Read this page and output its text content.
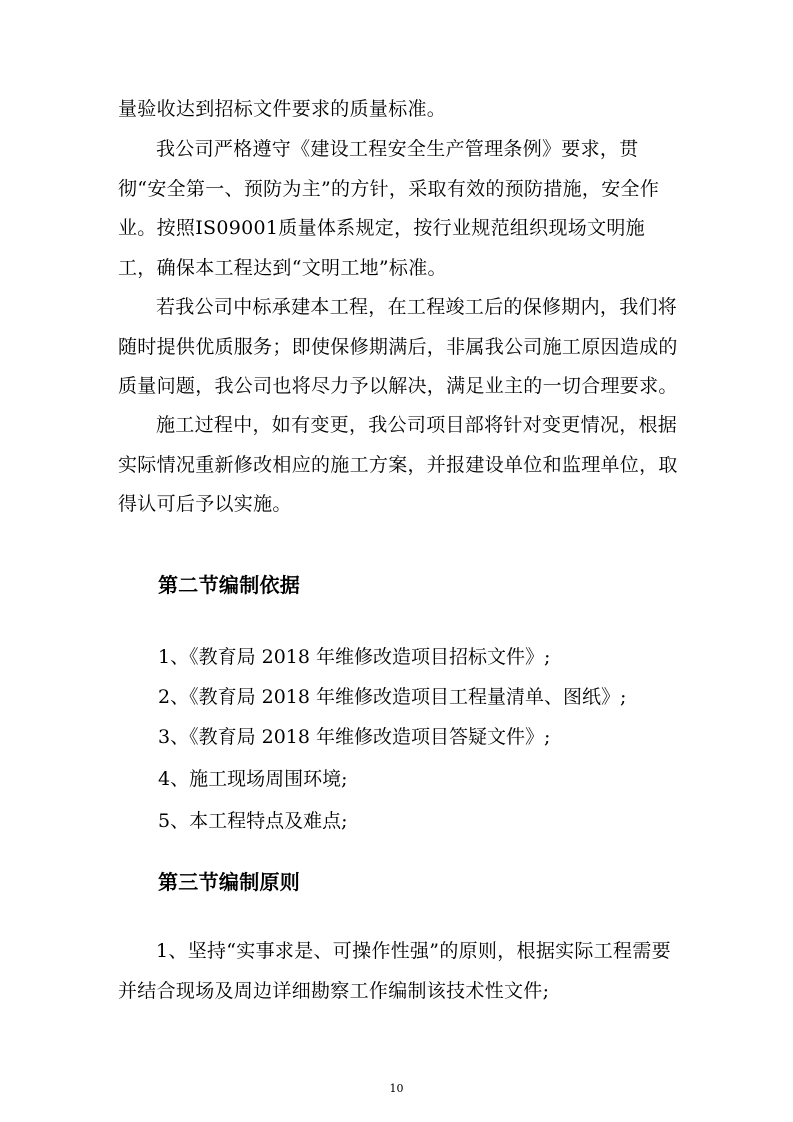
量验收达到招标文件要求的质量标准。

我公司严格遵守《建设工程安全生产管理条例》要求，贯彻“安全第一、预防为主”的方针，采取有效的预防措施，安全作业。按照IS09001质量体系规定，按行业规范组织现场文明施工，确保本工程达到“文明工地”标准。

若我公司中标承建本工程，在工程竣工后的保修期内，我们将随时提供优质服务；即使保修期满后，非属我公司施工原因造成的质量问题，我公司也将尽力予以解决，满足业主的一切合理要求。

施工过程中，如有变更，我公司项目部将针对变更情况，根据实际情况重新修改相应的施工方案，并报建设单位和监理单位，取得认可后予以实施。

第二节编制依据

1、《教育局 2018 年维修改造项目招标文件》;

2、《教育局 2018 年维修改造项目工程量清单、图纸》;

3、《教育局 2018 年维修改造项目答疑文件》;

4、施工现场周围环境;

5、本工程特点及难点;

第三节编制原则

1、坚持“实事求是、可操作性强”的原则，根据实际工程需要并结合现场及周边详细勘察工作编制该技术性文件;

10
